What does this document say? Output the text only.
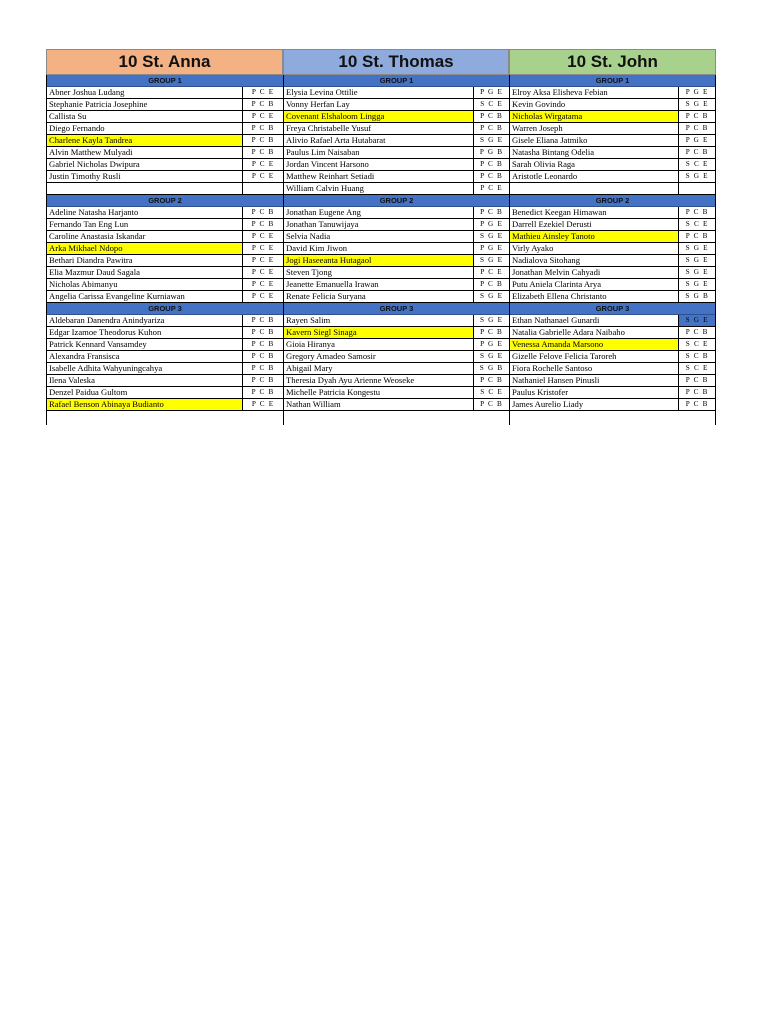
10 St. Anna	10 St. Thomas	10 St. John
GROUP 1
Abner Joshua Ludang	P C E
Stephanie Patricia Josephine	P C B
Callista Su	P C E
Diego Fernando	P C B
Charlene Kayla Tandrea	P C B
Alvin Matthew Mulyadi	P C B
Gabriel Nicholas Dwipura	P C E
Justin Timothy Rusli	P C E
GROUP 2
Adeline Natasha Harjanto	P C B
Fernando Tan Eng Lun	P C B
Caroline Anastasia Iskandar	P C E
Arka Mikhael Ndopo	P C E
Bethari Diandra Pawitra	P C E
Elia Mazmur Daud Sagala	P C E
Nicholas Abimanyu	P C E
Angelia Carissa Evangeline Kurniawan	P C E
GROUP 3
Aldebaran Danendra Anindyariza	P C B
Edgar Izamoe Theodorus Kuhon	P C B
Patrick Kennard Vansamdey	P C B
Alexandra Fransisca	P C B
Isabelle Adhita Wahyuningcahya	P C B
Ilena Valeska	P C B
Denzel Paidua Gultom	P C B
Rafael Benson Abinaya Budianto	P C E
GROUP 1
Elysia Levina Ottilie	P G E
Vonny Herfan Lay	S C E
Covenant Elshaloom Lingga	P C B
Freya Christabelle Yusuf	P C B
Alivio Rafael Arta Hutabarat	S G E
Paulus Lim Naisaban	P G B
Jordan Vincent Harsono	P C B
Matthew Reinhart Setiadi	P C B
William Calvin Huang	P C E
GROUP 2
Jonathan Eugene Ang	P C B
Jonathan Tanuwijaya	P G E
Selvia Nadia	S G E
David Kim Jiwon	P G E
Jogi Haseeanta Hutagaol	S G E
Steven Tjong	P C E
Jeanette Emanuella Irawan	P C B
Renate Felicia Suryana	S G E
GROUP 3
Rayen Salim	S G E
Kavern Siegl Sinaga	P C B
Gioia Hiranya	P G E
Gregory Amadeo Samosir	S G E
Abigail Mary	S G B
Theresia Dyah Ayu Arienne Weoseke	P C B
Michelle Patricia Kongestu	S C E
Nathan William	P C B
GROUP 1
Elroy Aksa Elisheva Febian	P G E
Kevin Govindo	S G E
Nicholas Wirgatama	P C B
Warren Joseph	P C B
Gisele Eliana Jatmiko	P G E
Natasha Bintang Odelia	P C B
Sarah Olivia Raga	S C E
Aristotle Leonardo	S G E
GROUP 2
Benedict Keegan Himawan	P C B
Darrell Ezekiel Derusti	S C E
Mathieu Ainsley Tanoto	P C B
Virly Ayako	S G E
Nadialova Sitohang	S G E
Jonathan Melvin Cahyadi	S G E
Putu Aniela Clarinta Arya	S G E
Elizabeth Ellena Christanto	S G B
GROUP 3
Ethan Nathanael Gunardi	S G E
Natalia Gabrielle Adara Naibaho	P C B
Venessa Amanda Marsono	S C E
Gizelle Felove Felicia Taroreh	S C B
Fiora Rochelle Santoso	S C E
Nathaniel Hansen Pinusli	P C B
Paulus Kristofer	P C B
James Aurelio Liady	P C B
